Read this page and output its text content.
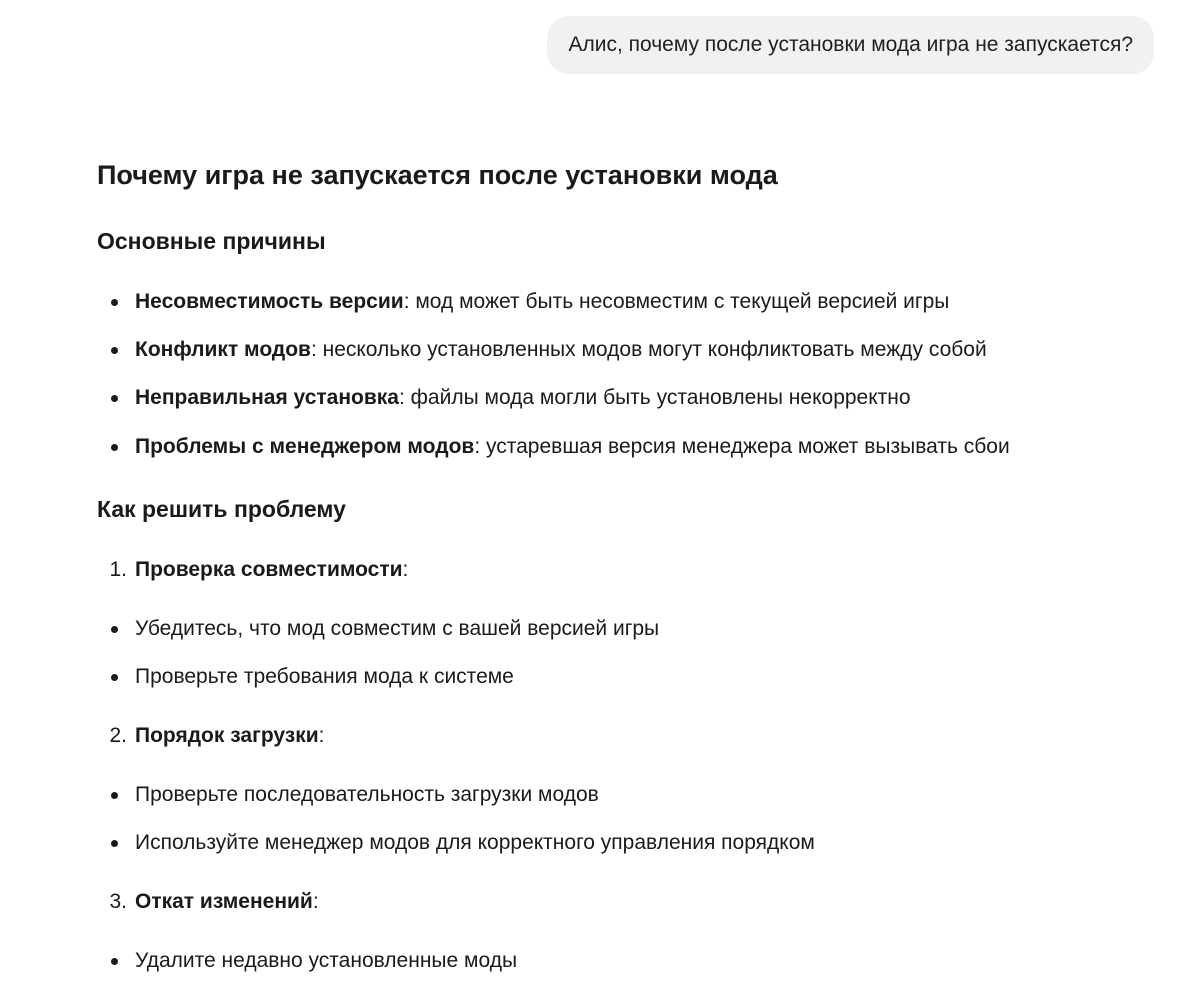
Алис, почему после установки мода игра не запускается?
Почему игра не запускается после установки мода
Основные причины
Несовместимость версии: мод может быть несовместим с текущей версией игры
Конфликт модов: несколько установленных модов могут конфликтовать между собой
Неправильная установка: файлы мода могли быть установлены некорректно
Проблемы с менеджером модов: устаревшая версия менеджера может вызывать сбои
Как решить проблему
1. Проверка совместимости:
Убедитесь, что мод совместим с вашей версией игры
Проверьте требования мода к системе
2. Порядок загрузки:
Проверьте последовательность загрузки модов
Используйте менеджер модов для корректного управления порядком
3. Откат изменений:
Удалите недавно установленные моды
